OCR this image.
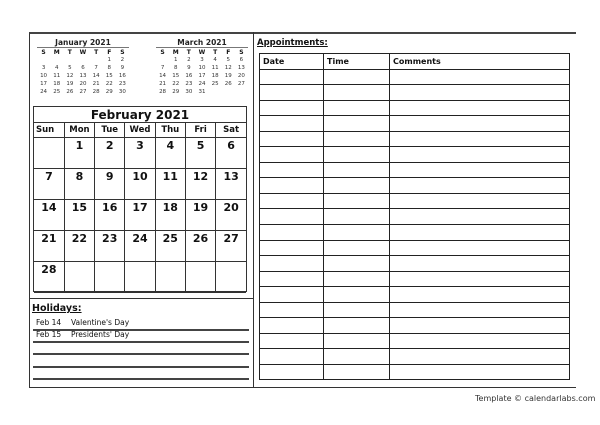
January 2021
S	M	T	W	T	F	S
					1	2
3	4	5	6	7	8	9
10	11	12	13	14	15	16
17	18	19	20	21	22	23
24	25	26	27	28	29	30
March 2021
S	M	T	W	T	F	S
	1	2	3	4	5	6
7	8	9	10	11	12	13
14	15	16	17	18	19	20
21	22	23	24	25	26	27
28	29	30	31			
February 2021
Sun	Mon	Tue	Wed	Thu	Fri	Sat
	1	2	3	4	5	6
7	8	9	10	11	12	13
14	15	16	17	18	19	20
21	22	23	24	25	26	27
28						
Holidays:
Feb 14	Valentine's Day
Feb 15	Presidents' Day
Appointments:
Date	Time	Comments

Template © calendarlabs.com
